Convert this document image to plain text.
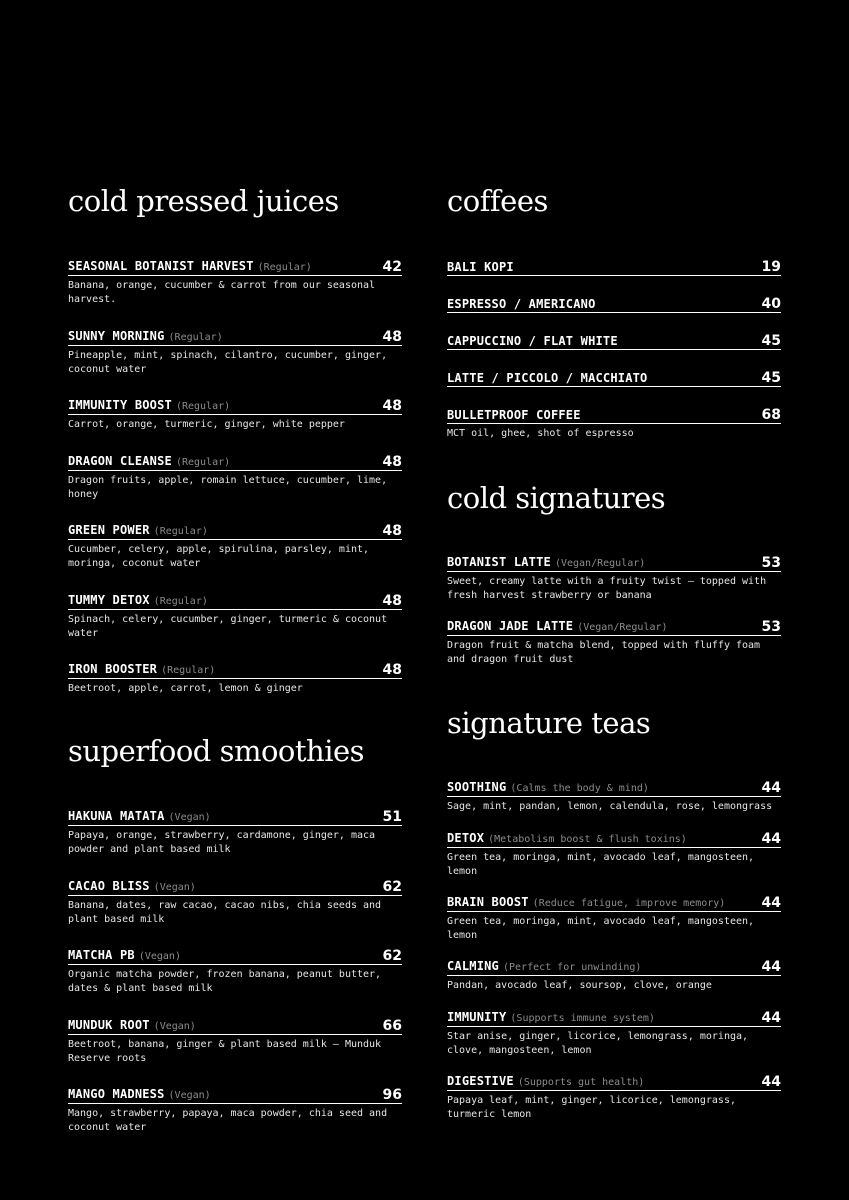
cold pressed juices
SEASONAL BOTANIST HARVEST (Regular)	42
Banana, orange, cucumber & carrot from our seasonal harvest.
SUNNY MORNING (Regular)	48
Pineapple, mint, spinach, cilantro, cucumber, ginger, coconut water
IMMUNITY BOOST (Regular)	48
Carrot, orange, turmeric, ginger, white pepper
DRAGON CLEANSE (Regular)	48
Dragon fruits, apple, romain lettuce, cucumber, lime, honey
GREEN POWER (Regular)	48
Cucumber, celery, apple, spirulina, parsley, mint, moringa, coconut water
TUMMY DETOX (Regular)	48
Spinach, celery, cucumber, ginger, turmeric & coconut water
IRON BOOSTER (Regular)	48
Beetroot, apple, carrot, lemon & ginger
superfood smoothies
HAKUNA MATATA (Vegan)	51
Papaya, orange, strawberry, cardamone, ginger, maca powder and plant based milk
CACAO BLISS (Vegan)	62
Banana, dates, raw cacao, cacao nibs, chia seeds and plant based milk
MATCHA PB (Vegan)	62
Organic matcha powder, frozen banana, peanut butter, dates & plant based milk
MUNDUK ROOT (Vegan)	66
Beetroot, banana, ginger & plant based milk — Munduk Reserve roots
MANGO MADNESS (Vegan)	96
Mango, strawberry, papaya, maca powder, chia seed and coconut water
coffees
BALI KOPI	19
ESPRESSO / AMERICANO	40
CAPPUCCINO / FLAT WHITE	45
LATTE / PICCOLO / MACCHIATO	45
BULLETPROOF COFFEE	68
MCT oil, ghee, shot of espresso
cold signatures
BOTANIST LATTE (Vegan/Regular)	53
Sweet, creamy latte with a fruity twist — topped with fresh harvest strawberry or banana
DRAGON JADE LATTE (Vegan/Regular)	53
Dragon fruit & matcha blend, topped with fluffy foam and dragon fruit dust
signature teas
SOOTHING (Calms the body & mind)	44
Sage, mint, pandan, lemon, calendula, rose, lemongrass
DETOX (Metabolism boost & flush toxins)	44
Green tea, moringa, mint, avocado leaf, mangosteen, lemon
BRAIN BOOST (Reduce fatigue, improve memory)	44
Green tea, moringa, mint, avocado leaf, mangosteen, lemon
CALMING (Perfect for unwinding)	44
Pandan, avocado leaf, soursop, clove, orange
IMMUNITY (Supports immune system)	44
Star anise, ginger, licorice, lemongrass, moringa, clove, mangosteen, lemon
DIGESTIVE (Supports gut health)	44
Papaya leaf, mint, ginger, licorice, lemongrass, turmeric lemon
